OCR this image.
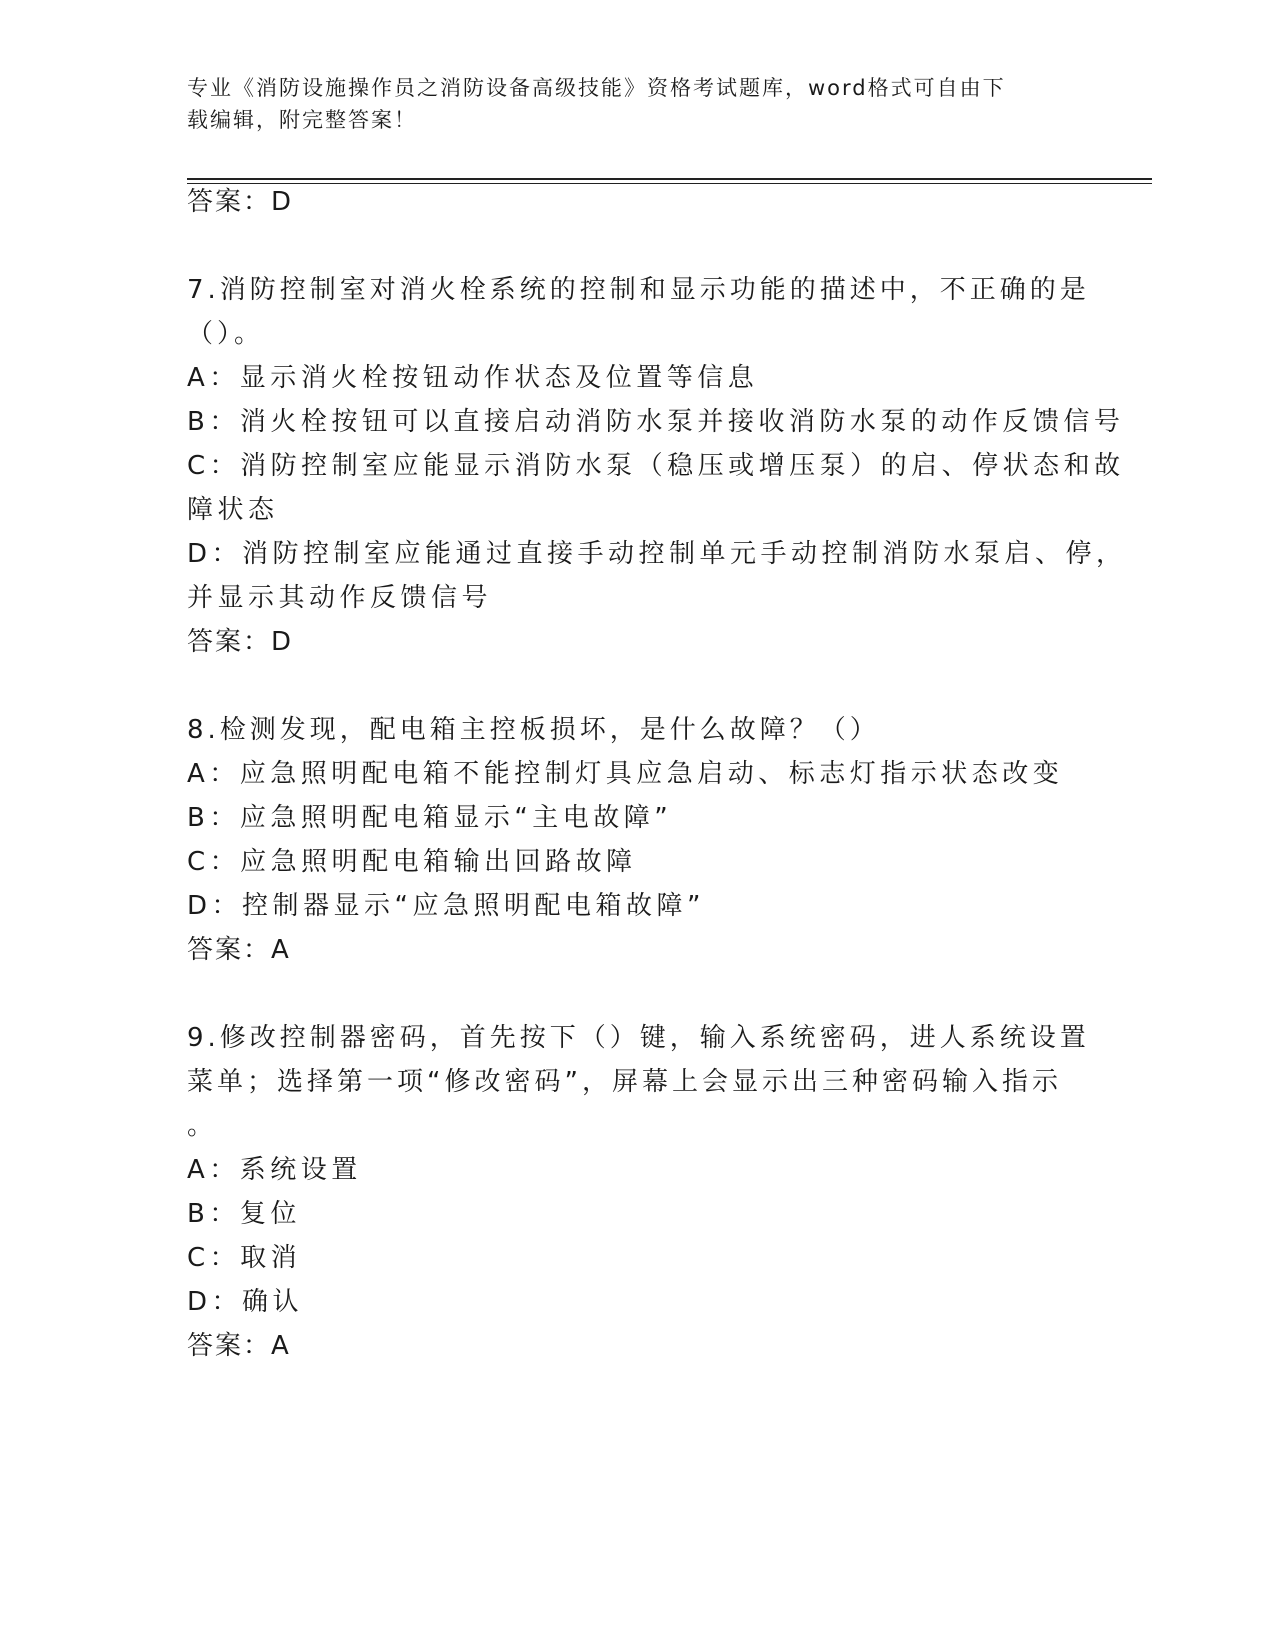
专业《消防设施操作员之消防设备高级技能》资格考试题库，word格式可自由下
载编辑，附完整答案！
答案：D
7.消防控制室对消火栓系统的控制和显示功能的描述中，不正确的是
（）。
A：显示消火栓按钮动作状态及位置等信息
B：消火栓按钮可以直接启动消防水泵并接收消防水泵的动作反馈信号
C：消防控制室应能显示消防水泵（稳压或增压泵）的启、停状态和故
障状态
D：消防控制室应能通过直接手动控制单元手动控制消防水泵启、停，
并显示其动作反馈信号
答案：D
8.检测发现，配电箱主控板损坏，是什么故障？（）
A：应急照明配电箱不能控制灯具应急启动、标志灯指示状态改变
B：应急照明配电箱显示“主电故障”
C：应急照明配电箱输出回路故障
D：控制器显示“应急照明配电箱故障”
答案：A
9.修改控制器密码，首先按下（）键，输入系统密码，进人系统设置
菜单；选择第一项“修改密码”，屏幕上会显示出三种密码输入指示
。
A：系统设置
B：复位
C：取消
D：确认
答案：A
